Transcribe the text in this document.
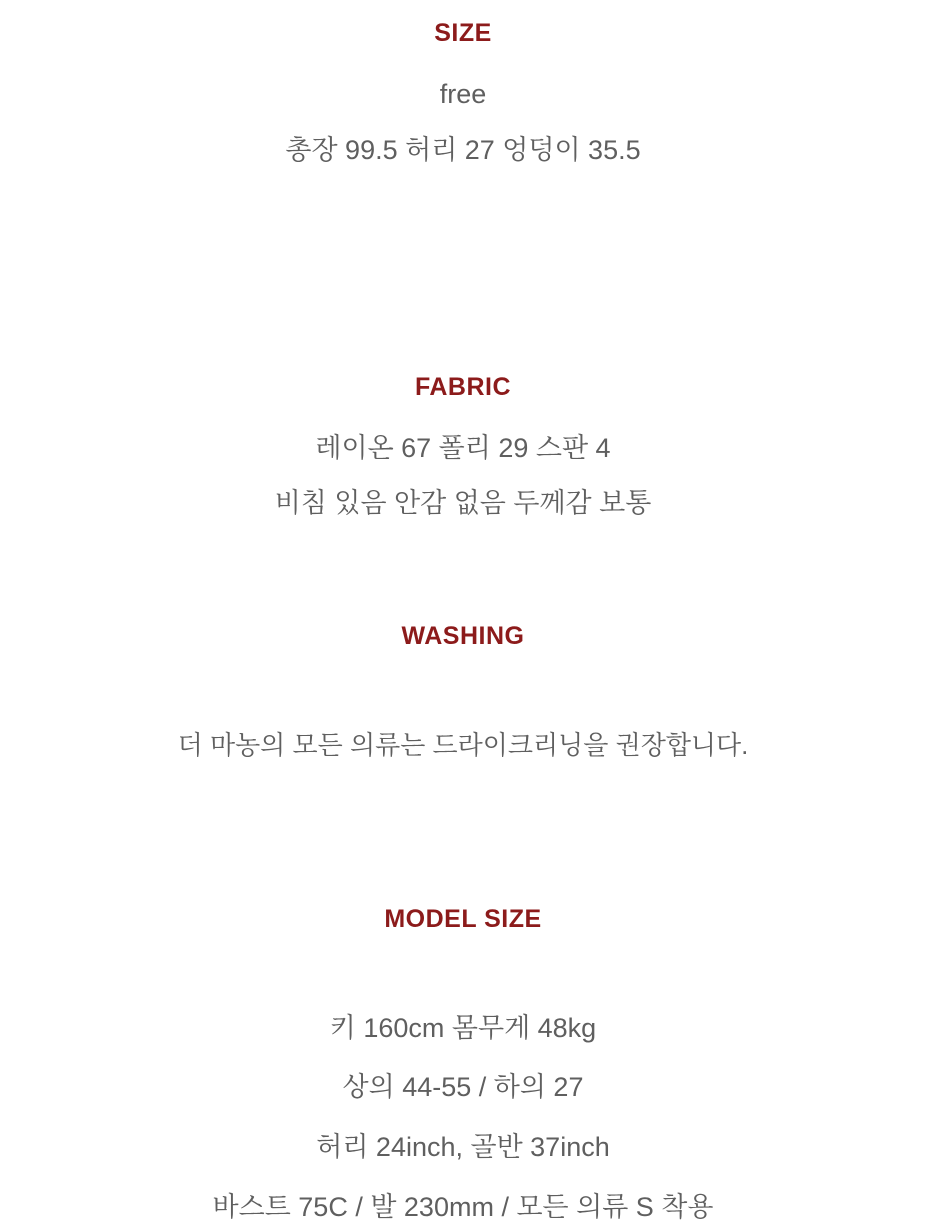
SIZE
free
총장 99.5 허리 27 엉덩이 35.5
FABRIC
레이온 67 폴리 29 스판 4
비침 있음 안감 없음 두께감 보통
WASHING
더 마농의 모든 의류는 드라이크리닝을 권장합니다.
MODEL SIZE
키 160cm 몸무게 48kg
상의 44-55 / 하의 27
허리 24inch, 골반 37inch
바스트 75C / 발 230mm / 모든 의류 S 착용
